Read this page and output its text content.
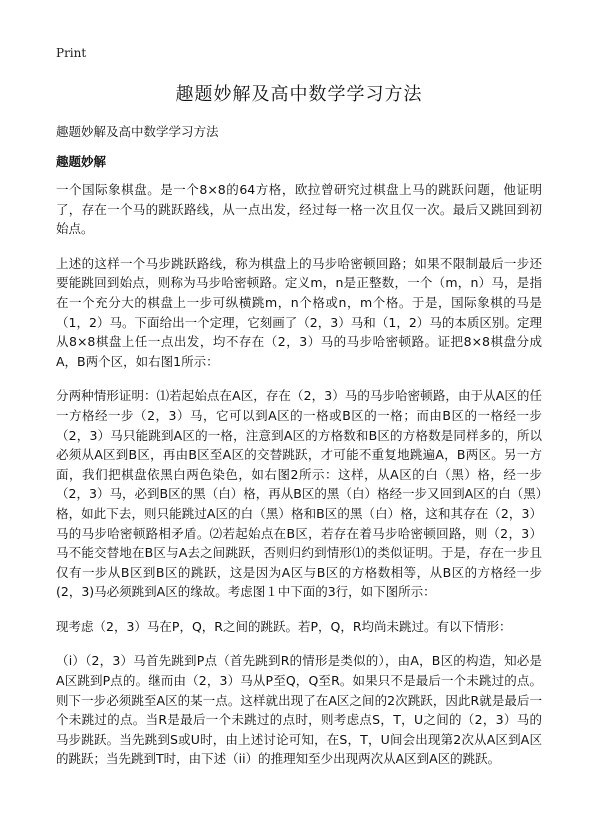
Print
趣题妙解及高中数学学习方法

趣题妙解及高中数学学习方法

趣题妙解

一个国际象棋盘。是一个8×8的64方格，欧拉曾研究过棋盘上马的跳跃问题，他证明了，存在一个马的跳跃路线，从一点出发，经过每一格一次且仅一次。最后又跳回到初始点。

上述的这样一个马步跳跃路线，称为棋盘上的马步哈密顿回路；如果不限制最后一步还要能跳回到始点，则称为马步哈密顿路。定义m，n是正整数，一个（m，n）马，是指在一个充分大的棋盘上一步可纵横跳m，n个格或n，m个格。于是，国际象棋的马是（1，2）马。下面给出一个定理，它刻画了（2，3）马和（1，2）马的本质区别。定理从8×8棋盘上任一点出发，均不存在（2，3）马的马步哈密顿路。证把8×8棋盘分成A，B两个区，如右图1所示：

分两种情形证明：⑴若起始点在A区，存在（2，3）马的马步哈密顿路，由于从A区的任一方格经一步（2，3）马，它可以到A区的一格或B区的一格；而由B区的一格经一步（2，3）马只能跳到A区的一格，注意到A区的方格数和B区的方格数是同样多的，所以必须从A区到B区，再由B区至A区的交替跳跃，才可能不重复地跳遍A，B两区。另一方面，我们把棋盘依黑白两色染色，如右图2所示：这样，从A区的白（黑）格，经一步（2，3）马，必到B区的黑（白）格，再从B区的黑（白）格经一步又回到A区的白（黑）格，如此下去，则只能跳过A区的白（黑）格和B区的黑（白）格，这和其存在（2，3）马的马步哈密顿路相矛盾。⑵若起始点在B区，若存在着马步哈密顿回路，则（2，3）马不能交替地在B区与A去之间跳跃，否则归约到情形⑴的类似证明。于是，存在一步且仅有一步从B区到B区的跳跃，这是因为A区与B区的方格数相等，从B区的方格经一步(2，3)马必须跳到A区的缘故。考虑图１中下面的3行，如下图所示：

现考虑（2，3）马在P，Q，R之间的跳跃。若P，Q，R均尚未跳过。有以下情形：

（i）（2，3）马首先跳到P点（首先跳到R的情形是类似的），由A，B区的构造，知必是A区跳到P点的。继而由（2，3）马从P至Q，Q至R。如果只不是最后一个未跳过的点。则下一步必须跳至A区的某一点。这样就出现了在A区之间的2次跳跃，因此R就是最后一个未跳过的点。当R是最后一个未跳过的点时，则考虑点S，T，U之间的（2，3）马的马步跳跃。当先跳到S或U时，由上述讨论可知，在S，T，U间会出现第2次从A区到A区的跳跃；当先跳到T时，由下述（ii）的推理知至少出现两次从A区到A区的跳跃。
